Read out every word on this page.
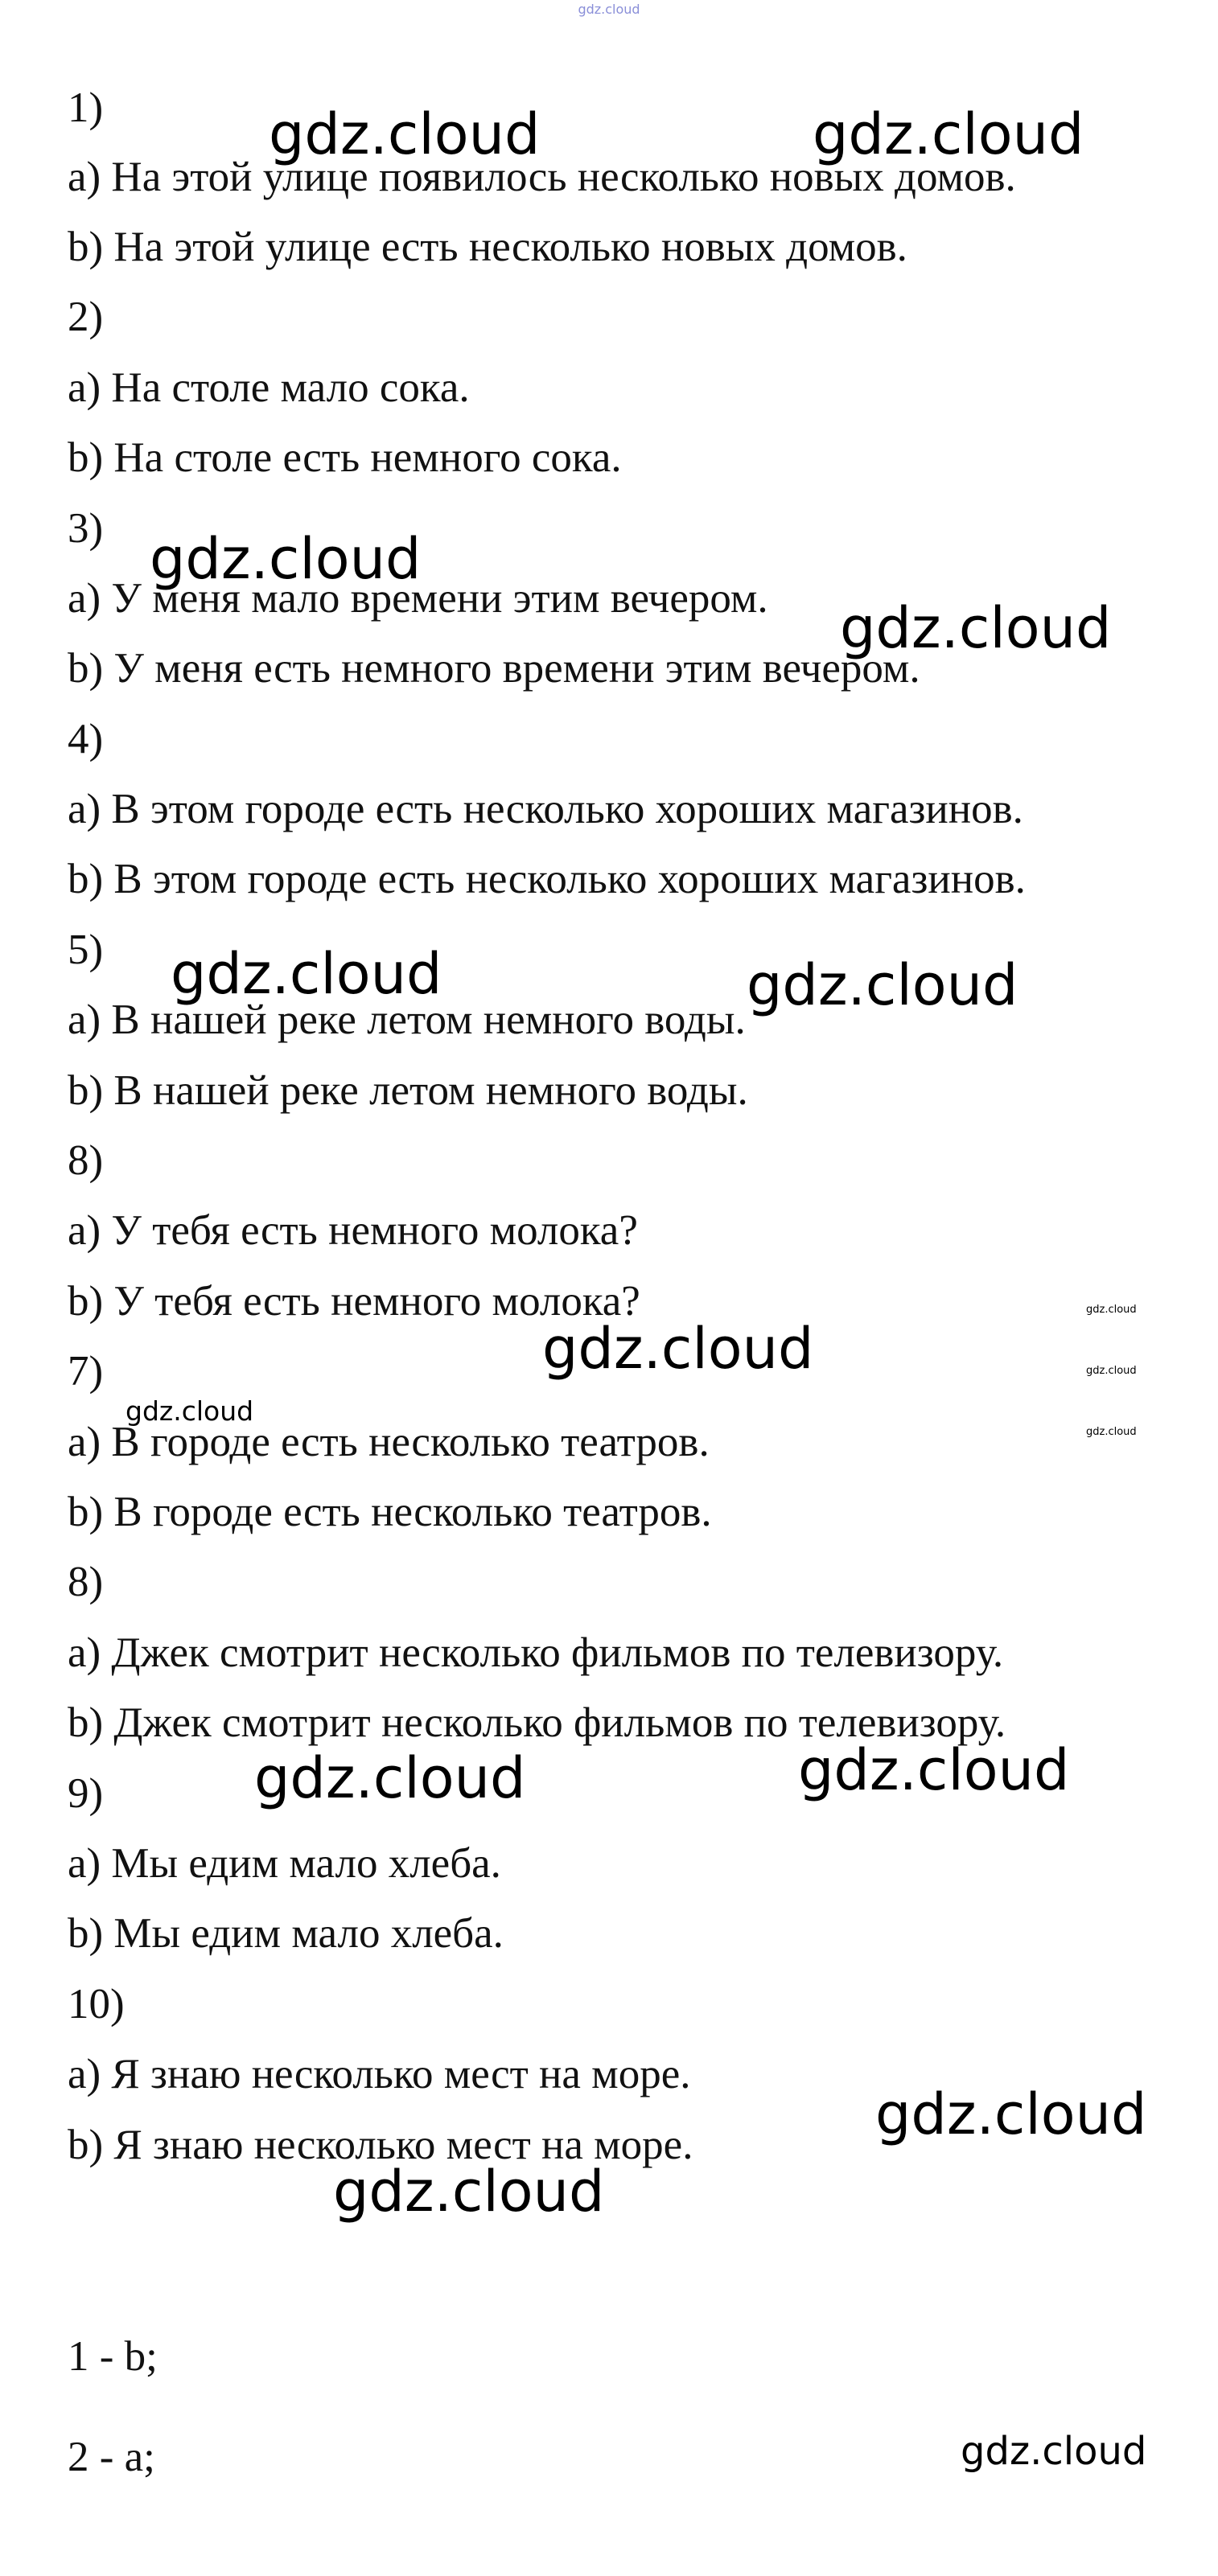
gdz.cloud
1)
a) На этой улице появилось несколько новых домов.
b) На этой улице есть несколько новых домов.
2)
a) На столе мало сока.
b) На столе есть немного сока.
3)
a) У меня мало времени этим вечером.
b) У меня есть немного времени этим вечером.
4)
a) В этом городе есть несколько хороших магазинов.
b) В этом городе есть несколько хороших магазинов.
5)
a) В нашей реке летом немного воды.
b) В нашей реке летом немного воды.
8)
a) У тебя есть немного молока?
b) У тебя есть немного молока?
7)
a) В городе есть несколько театров.
b) В городе есть несколько театров.
8)
a) Джек смотрит несколько фильмов по телевизору.
b) Джек смотрит несколько фильмов по телевизору.
9)
a) Мы едим мало хлеба.
b) Мы едим мало хлеба.
10)
a) Я знаю несколько мест на море.
b) Я знаю несколько мест на море.
1 - b;
2 - a;
gdz.cloud	gdz.cloud
gdz.cloud
gdz.cloud
gdz.cloud	gdz.cloud
gdz.cloud
gdz.cloud
gdz.cloud
gdz.cloud
gdz.cloud
gdz.cloud	gdz.cloud
gdz.cloud
gdz.cloud
gdz.cloud
